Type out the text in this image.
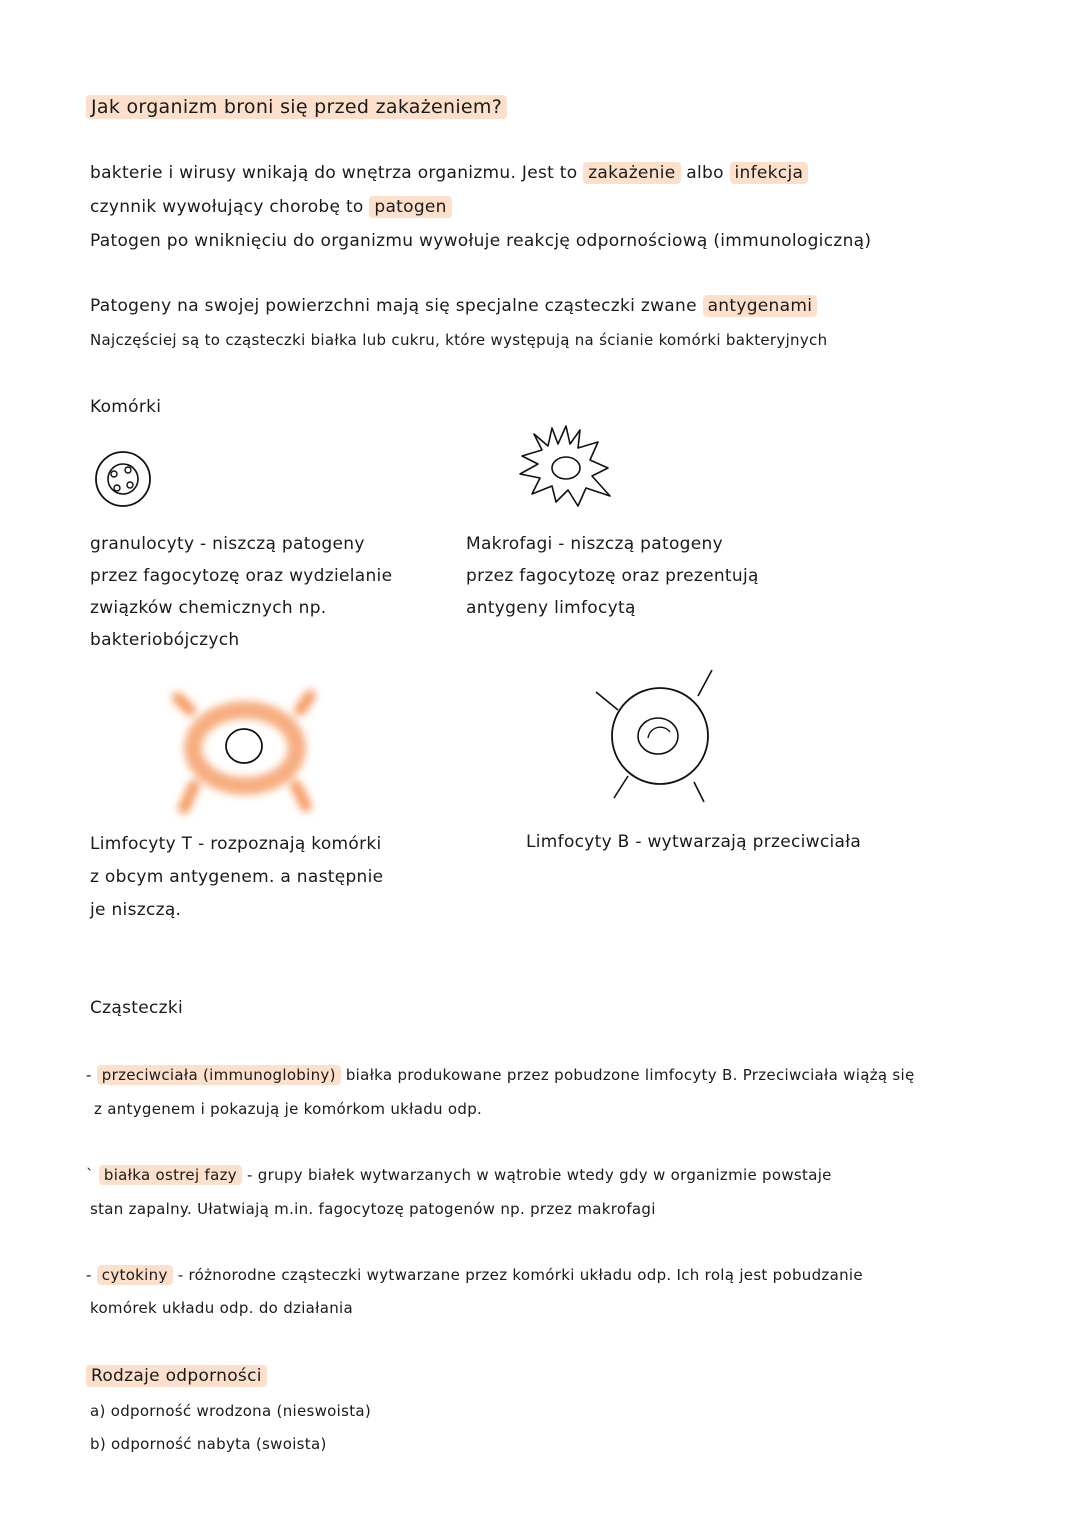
Jak organizm broni się przed zakażeniem?
bakterie i wirusy wnikają do wnętrza organizmu. Jest to zakażenie albo infekcja
czynnik wywołujący chorobę to patogen
Patogen po wniknięciu do organizmu wywołuje reakcję odpornościową (immunologiczną)
Patogeny na swojej powierzchni mają się specjalne cząsteczki zwane antygenami
Najczęściej są to cząsteczki białka lub cukru, które występują na ścianie komórki bakteryjnych
Komórki
granulocyty - niszczą patogeny
przez fagocytozę oraz wydzielanie
związków chemicznych np.
bakteriobójczych
Makrofagi - niszczą patogeny
przez fagocytozę oraz prezentują
antygeny limfocytą
Limfocyty T - rozpoznają komórki
z obcym antygenem. a następnie
je niszczą.
Limfocyty B - wytwarzają przeciwciała
Cząsteczki
- przeciwciała (immunoglobiny) białka produkowane przez pobudzone limfocyty B. Przeciwciała wiążą się
z antygenem i pokazują je komórkom układu odp.
` białka ostrej fazy - grupy białek wytwarzanych w wątrobie wtedy gdy w organizmie powstaje
stan zapalny. Ułatwiają m.in. fagocytozę patogenów np. przez makrofagi
- cytokiny - różnorodne cząsteczki wytwarzane przez komórki układu odp. Ich rolą jest pobudzanie
komórek układu odp. do działania
Rodzaje odporności
a) odporność wrodzona (nieswoista)
b) odporność nabyta (swoista)
